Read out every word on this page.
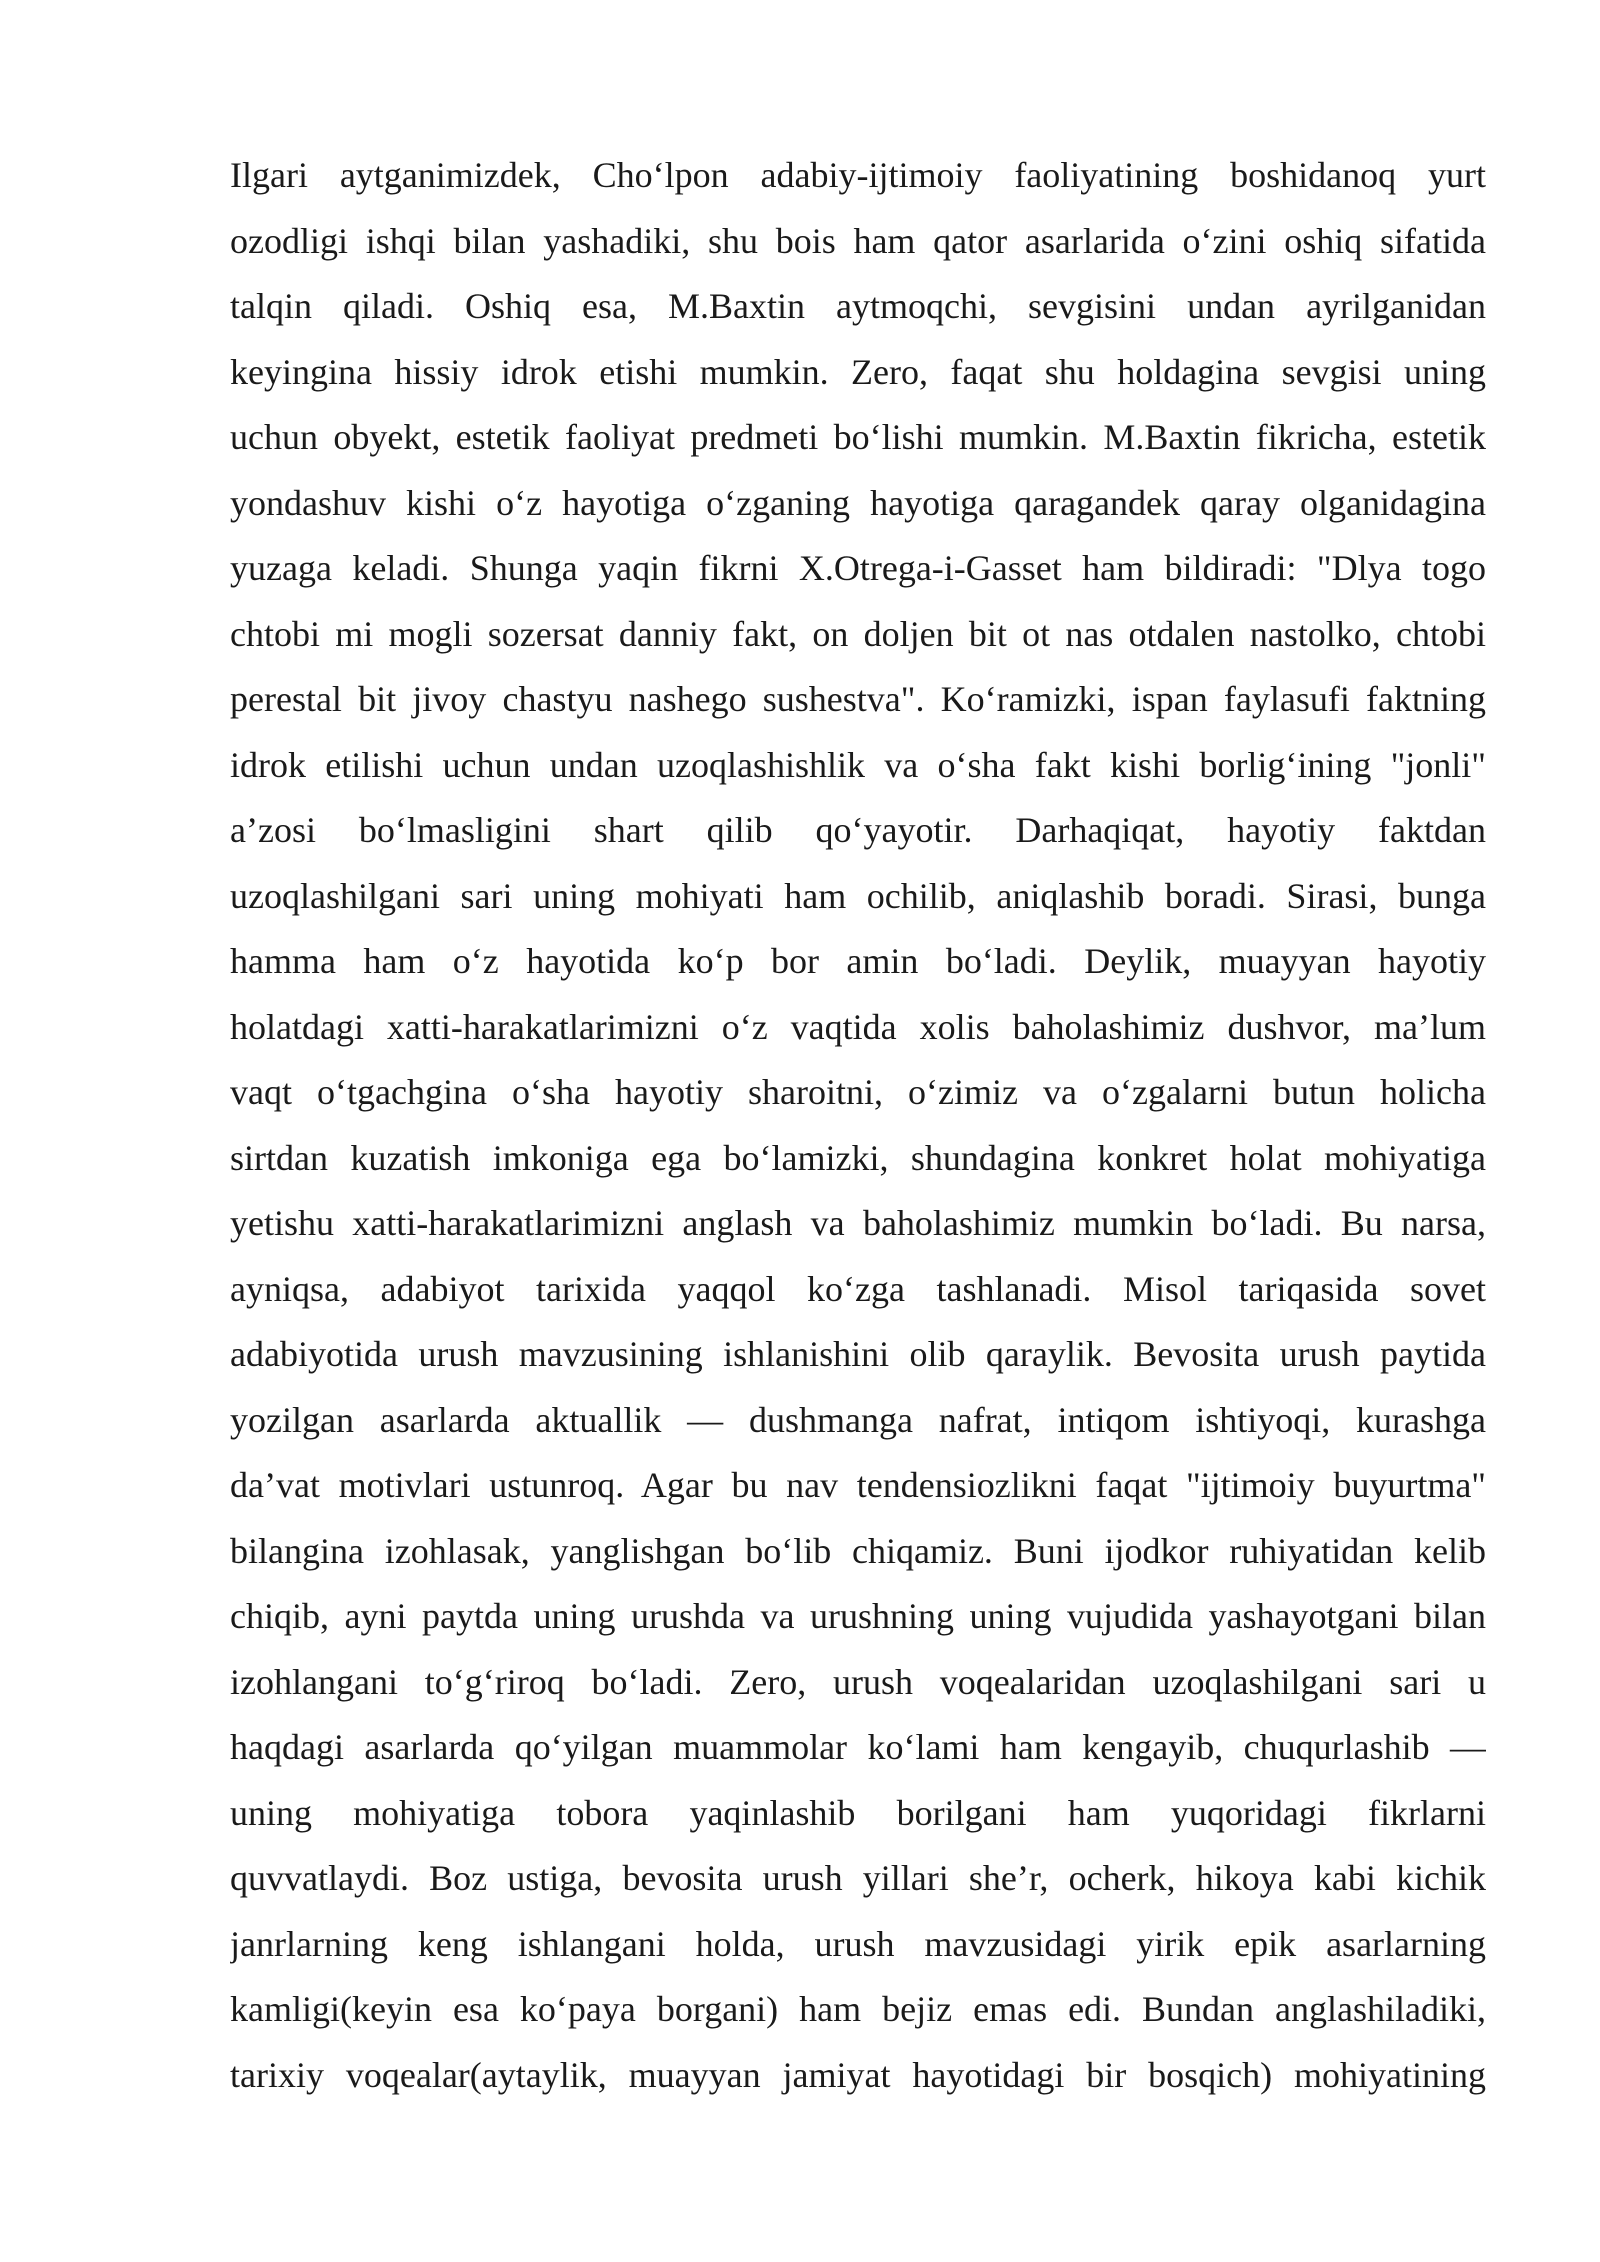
Ilgari aytganimizdek, Cho‘lpon adabiy-ijtimoiy faoliyatining boshidanoq yurt
ozodligi ishqi bilan yashadiki, shu bois ham qator asarlarida o‘zini oshiq sifatida
talqin qiladi. Oshiq esa, M.Baxtin aytmoqchi, sevgisini undan ayrilganidan
keyingina hissiy idrok etishi mumkin. Zero, faqat shu holdagina sevgisi uning
uchun obyekt, estetik faoliyat predmeti bo‘lishi mumkin. M.Baxtin fikricha, estetik
yondashuv kishi o‘z hayotiga o‘zganing hayotiga qaragandek qaray olganidagina
yuzaga keladi. Shunga yaqin fikrni X.Otrega-i-Gasset ham bildiradi: "Dlya togo
chtobi mi mogli sozersat danniy fakt, on doljen bit ot nas otdalen nastolko, chtobi
perestal bit jivoy chastyu nashego sushestva". Ko‘ramizki, ispan faylasufi faktning
idrok etilishi uchun undan uzoqlashishlik va o‘sha fakt kishi borlig‘ining "jonli"
a’zosi bo‘lmasligini shart qilib qo‘yayotir. Darhaqiqat, hayotiy faktdan
uzoqlashilgani sari uning mohiyati ham ochilib, aniqlashib boradi. Sirasi, bunga
hamma ham o‘z hayotida ko‘p bor amin bo‘ladi. Deylik, muayyan hayotiy
holatdagi xatti-harakatlarimizni o‘z vaqtida xolis baholashimiz dushvor, ma’lum
vaqt o‘tgachgina o‘sha hayotiy sharoitni, o‘zimiz va o‘zgalarni butun holicha
sirtdan kuzatish imkoniga ega bo‘lamizki, shundagina konkret holat mohiyatiga
yetishu xatti-harakatlarimizni anglash va baholashimiz mumkin bo‘ladi. Bu narsa,
ayniqsa, adabiyot tarixida yaqqol ko‘zga tashlanadi. Misol tariqasida sovet
adabiyotida urush mavzusining ishlanishini olib qaraylik. Bevosita urush paytida
yozilgan asarlarda aktuallik — dushmanga nafrat, intiqom ishtiyoqi, kurashga
da’vat motivlari ustunroq. Agar bu nav tendensiozlikni faqat "ijtimoiy buyurtma"
bilangina izohlasak, yanglishgan bo‘lib chiqamiz. Buni ijodkor ruhiyatidan kelib
chiqib, ayni paytda uning urushda va urushning uning vujudida yashayotgani bilan
izohlangani to‘g‘riroq bo‘ladi. Zero, urush voqealaridan uzoqlashilgani sari u
haqdagi asarlarda qo‘yilgan muammolar ko‘lami ham kengayib, chuqurlashib —
uning mohiyatiga tobora yaqinlashib borilgani ham yuqoridagi fikrlarni
quvvatlaydi. Boz ustiga, bevosita urush yillari she’r, ocherk, hikoya kabi kichik
janrlarning keng ishlangani holda, urush mavzusidagi yirik epik asarlarning
kamligi(keyin esa ko‘paya borgani) ham bejiz emas edi. Bundan anglashiladiki,
tarixiy voqealar(aytaylik, muayyan jamiyat hayotidagi bir bosqich) mohiyatining
